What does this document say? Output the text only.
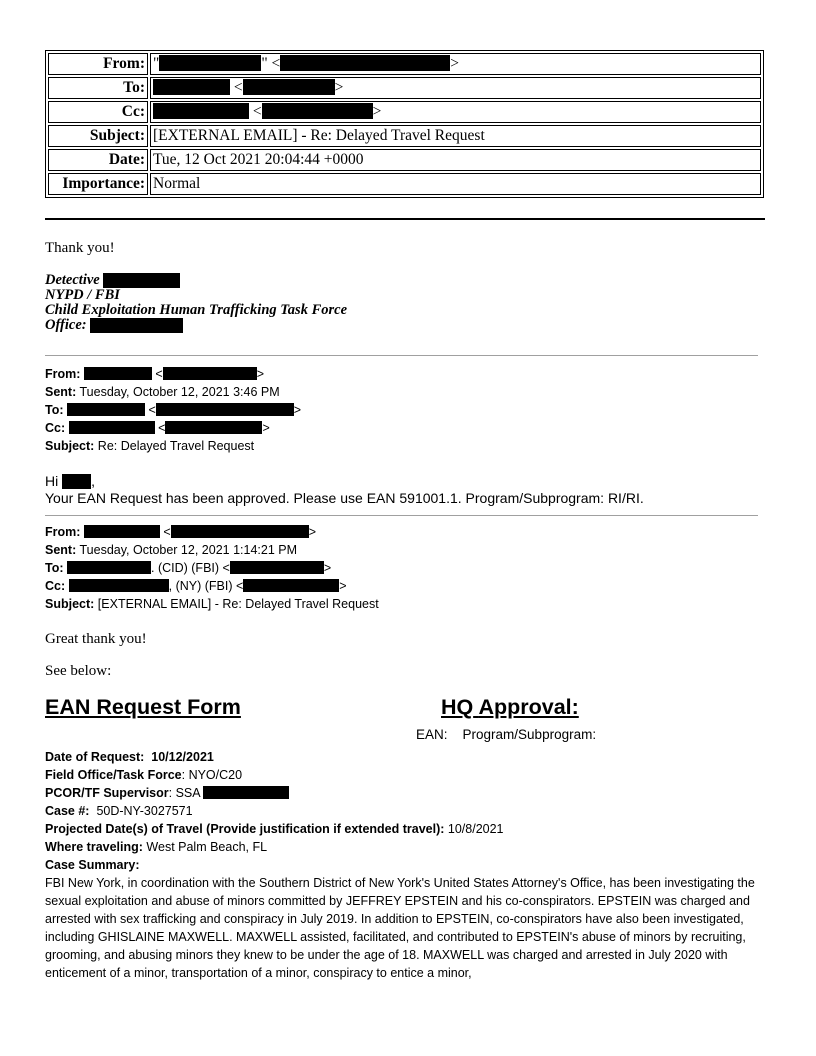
From: "	" <	>
To:	<	>
Cc:	<	>
Subject: [EXTERNAL EMAIL] - Re: Delayed Travel Request
Date: Tue, 12 Oct 2021 20:04:44 +0000
Importance: Normal
Thank you!
Detective
NYPD / FBI
Child Exploitation Human Trafficking Task Force
Office:
From:	<	>
Sent: Tuesday, October 12, 2021 3:46 PM
To:	<	>
Cc:	<	>
Subject: Re: Delayed Travel Request
Hi ,
Your EAN Request has been approved. Please use EAN 591001.1. Program/Subprogram: RI/RI.
From:	<	>
Sent: Tuesday, October 12, 2021 1:14:21 PM
To:	. (CID) (FBI) <	>
Cc:	, (NY) (FBI) <	>
Subject: [EXTERNAL EMAIL] - Re: Delayed Travel Request
Great thank you!
See below:
EAN Request Form	HQ Approval:
EAN: Program/Subprogram:
Date of Request: 10/12/2021
Field Office/Task Force: NYO/C20
PCOR/TF Supervisor: SSA
Case #: 50D-NY-3027571
Projected Date(s) of Travel (Provide justification if extended travel): 10/8/2021
Where traveling: West Palm Beach, FL
Case Summary:
FBI New York, in coordination with the Southern District of New York's United States Attorney's Office, has been investigating the sexual exploitation and abuse of minors committed by JEFFREY EPSTEIN and his co-conspirators. EPSTEIN was charged and arrested with sex trafficking and conspiracy in July 2019. In addition to EPSTEIN, co-conspirators have also been investigated, including GHISLAINE MAXWELL. MAXWELL assisted, facilitated, and contributed to EPSTEIN's abuse of minors by recruiting, grooming, and abusing minors they knew to be under the age of 18. MAXWELL was charged and arrested in July 2020 with enticement of a minor, transportation of a minor, conspiracy to entice a minor,
